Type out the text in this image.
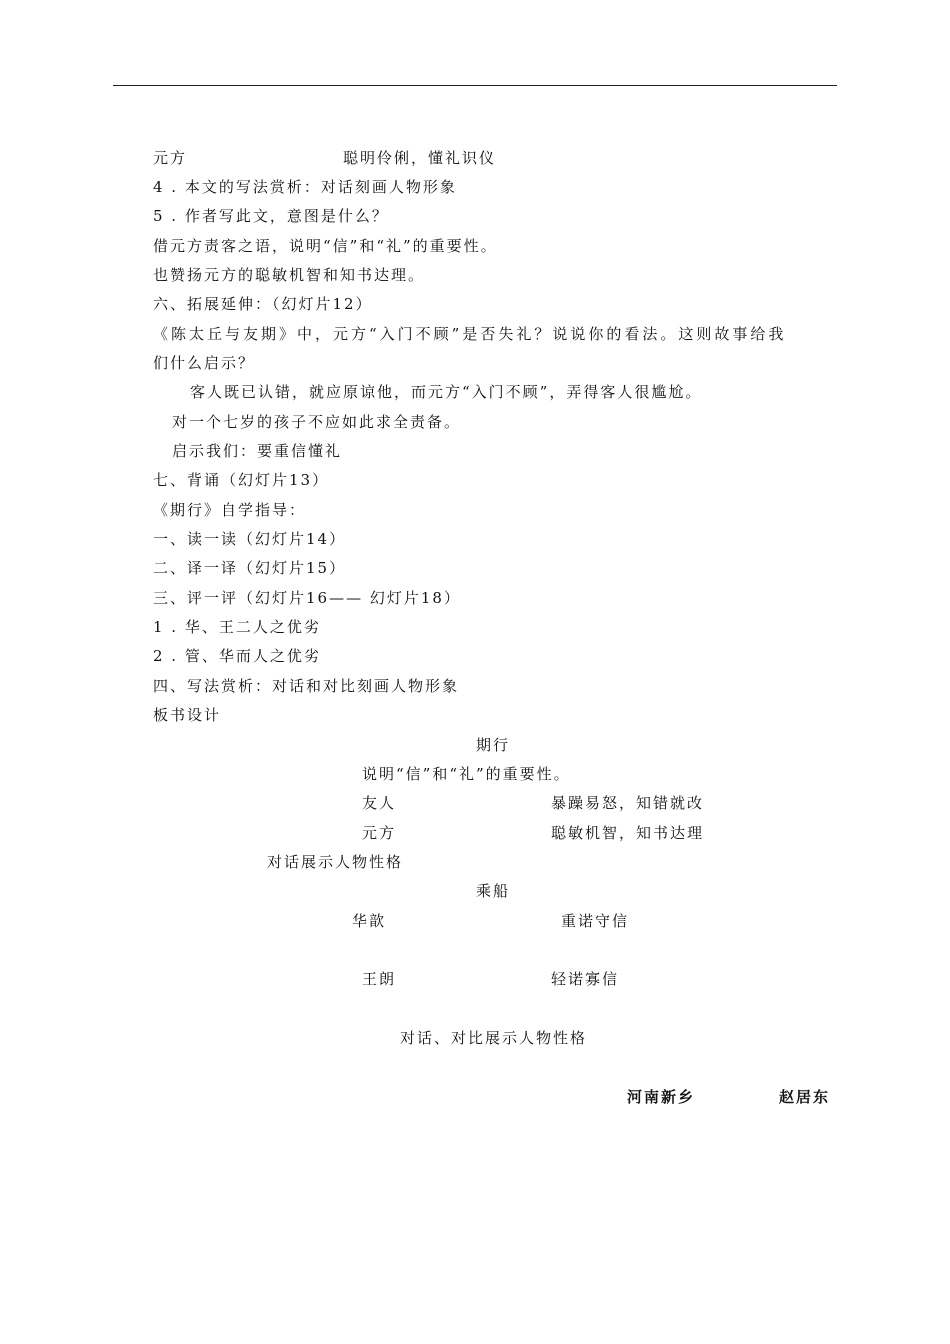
元方	聪明伶俐，懂礼识仪
4 . 本文的写法赏析：对话刻画人物形象
5 . 作者写此文，意图是什么？
借元方责客之语，说明“信”和“礼”的重要性。
也赞扬元方的聪敏机智和知书达理。
六、拓展延伸：（幻灯片12）
《陈太丘与友期》中，元方“入门不顾”是否失礼？说说你的看法。这则故事给我
们什么启示？
客人既已认错，就应原谅他，而元方“入门不顾”，弄得客人很尴尬。
对一个七岁的孩子不应如此求全责备。
启示我们：要重信懂礼
七、背诵（幻灯片13）
《期行》自学指导：
一、读一读（幻灯片14）
二、译一译（幻灯片15）
三、评一评（幻灯片16—— 幻灯片18）
1 . 华、王二人之优劣
2 . 管、华而人之优劣
四、写法赏析：对话和对比刻画人物形象
板书设计
期行
说明“信”和“礼”的重要性。
友人	暴躁易怒，知错就改
元方	聪敏机智，知书达理
对话展示人物性格
乘船
华歆	重诺守信
王朗	轻诺寡信
对话、对比展示人物性格
河南新乡	赵居东
